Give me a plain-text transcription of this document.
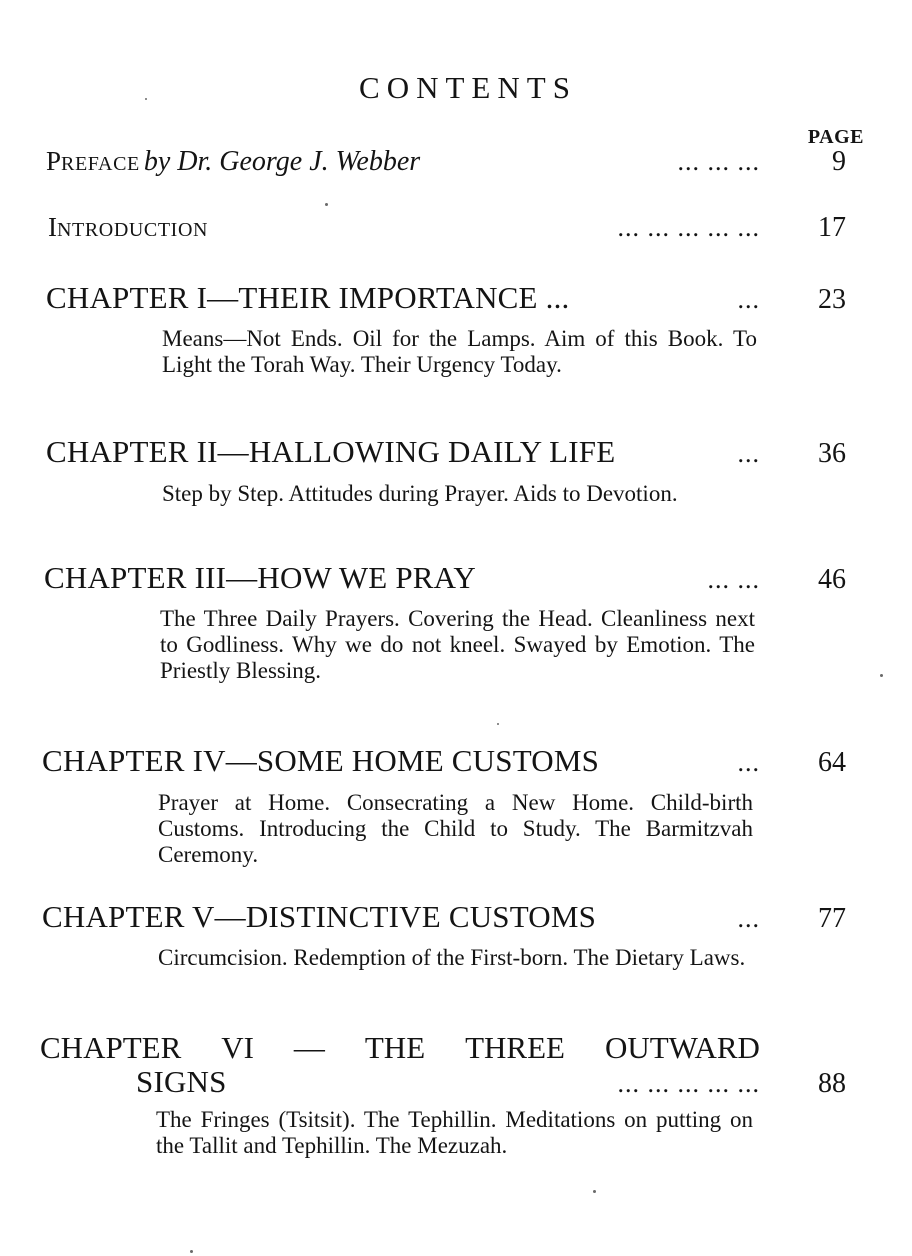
CONTENTS
PAGE
PREFACE by Dr. George J. Webber	... ... ...	9
INTRODUCTION	... ... ... ... ...	17
CHAPTER I—THEIR IMPORTANCE ...	...	23
Means—Not Ends. Oil for the Lamps. Aim of this Book. To Light the Torah Way. Their Urgency Today.
CHAPTER II—HALLOWING DAILY LIFE	...	36
Step by Step. Attitudes during Prayer. Aids to Devotion.
CHAPTER III—HOW WE PRAY	... ...	46
The Three Daily Prayers. Covering the Head. Cleanliness next to Godliness. Why we do not kneel. Swayed by Emotion. The Priestly Blessing.
CHAPTER IV—SOME HOME CUSTOMS	...	64
Prayer at Home. Consecrating a New Home. Child-birth Customs. Introducing the Child to Study. The Barmitzvah Ceremony.
CHAPTER V—DISTINCTIVE CUSTOMS	...	77
Circumcision. Redemption of the First-born. The Dietary Laws.
CHAPTER VI — THE THREE OUTWARD
SIGNS	... ... ... ... ...	88
The Fringes (Tsitsit). The Tephillin. Meditations on putting on the Tallit and Tephillin. The Mezuzah.
